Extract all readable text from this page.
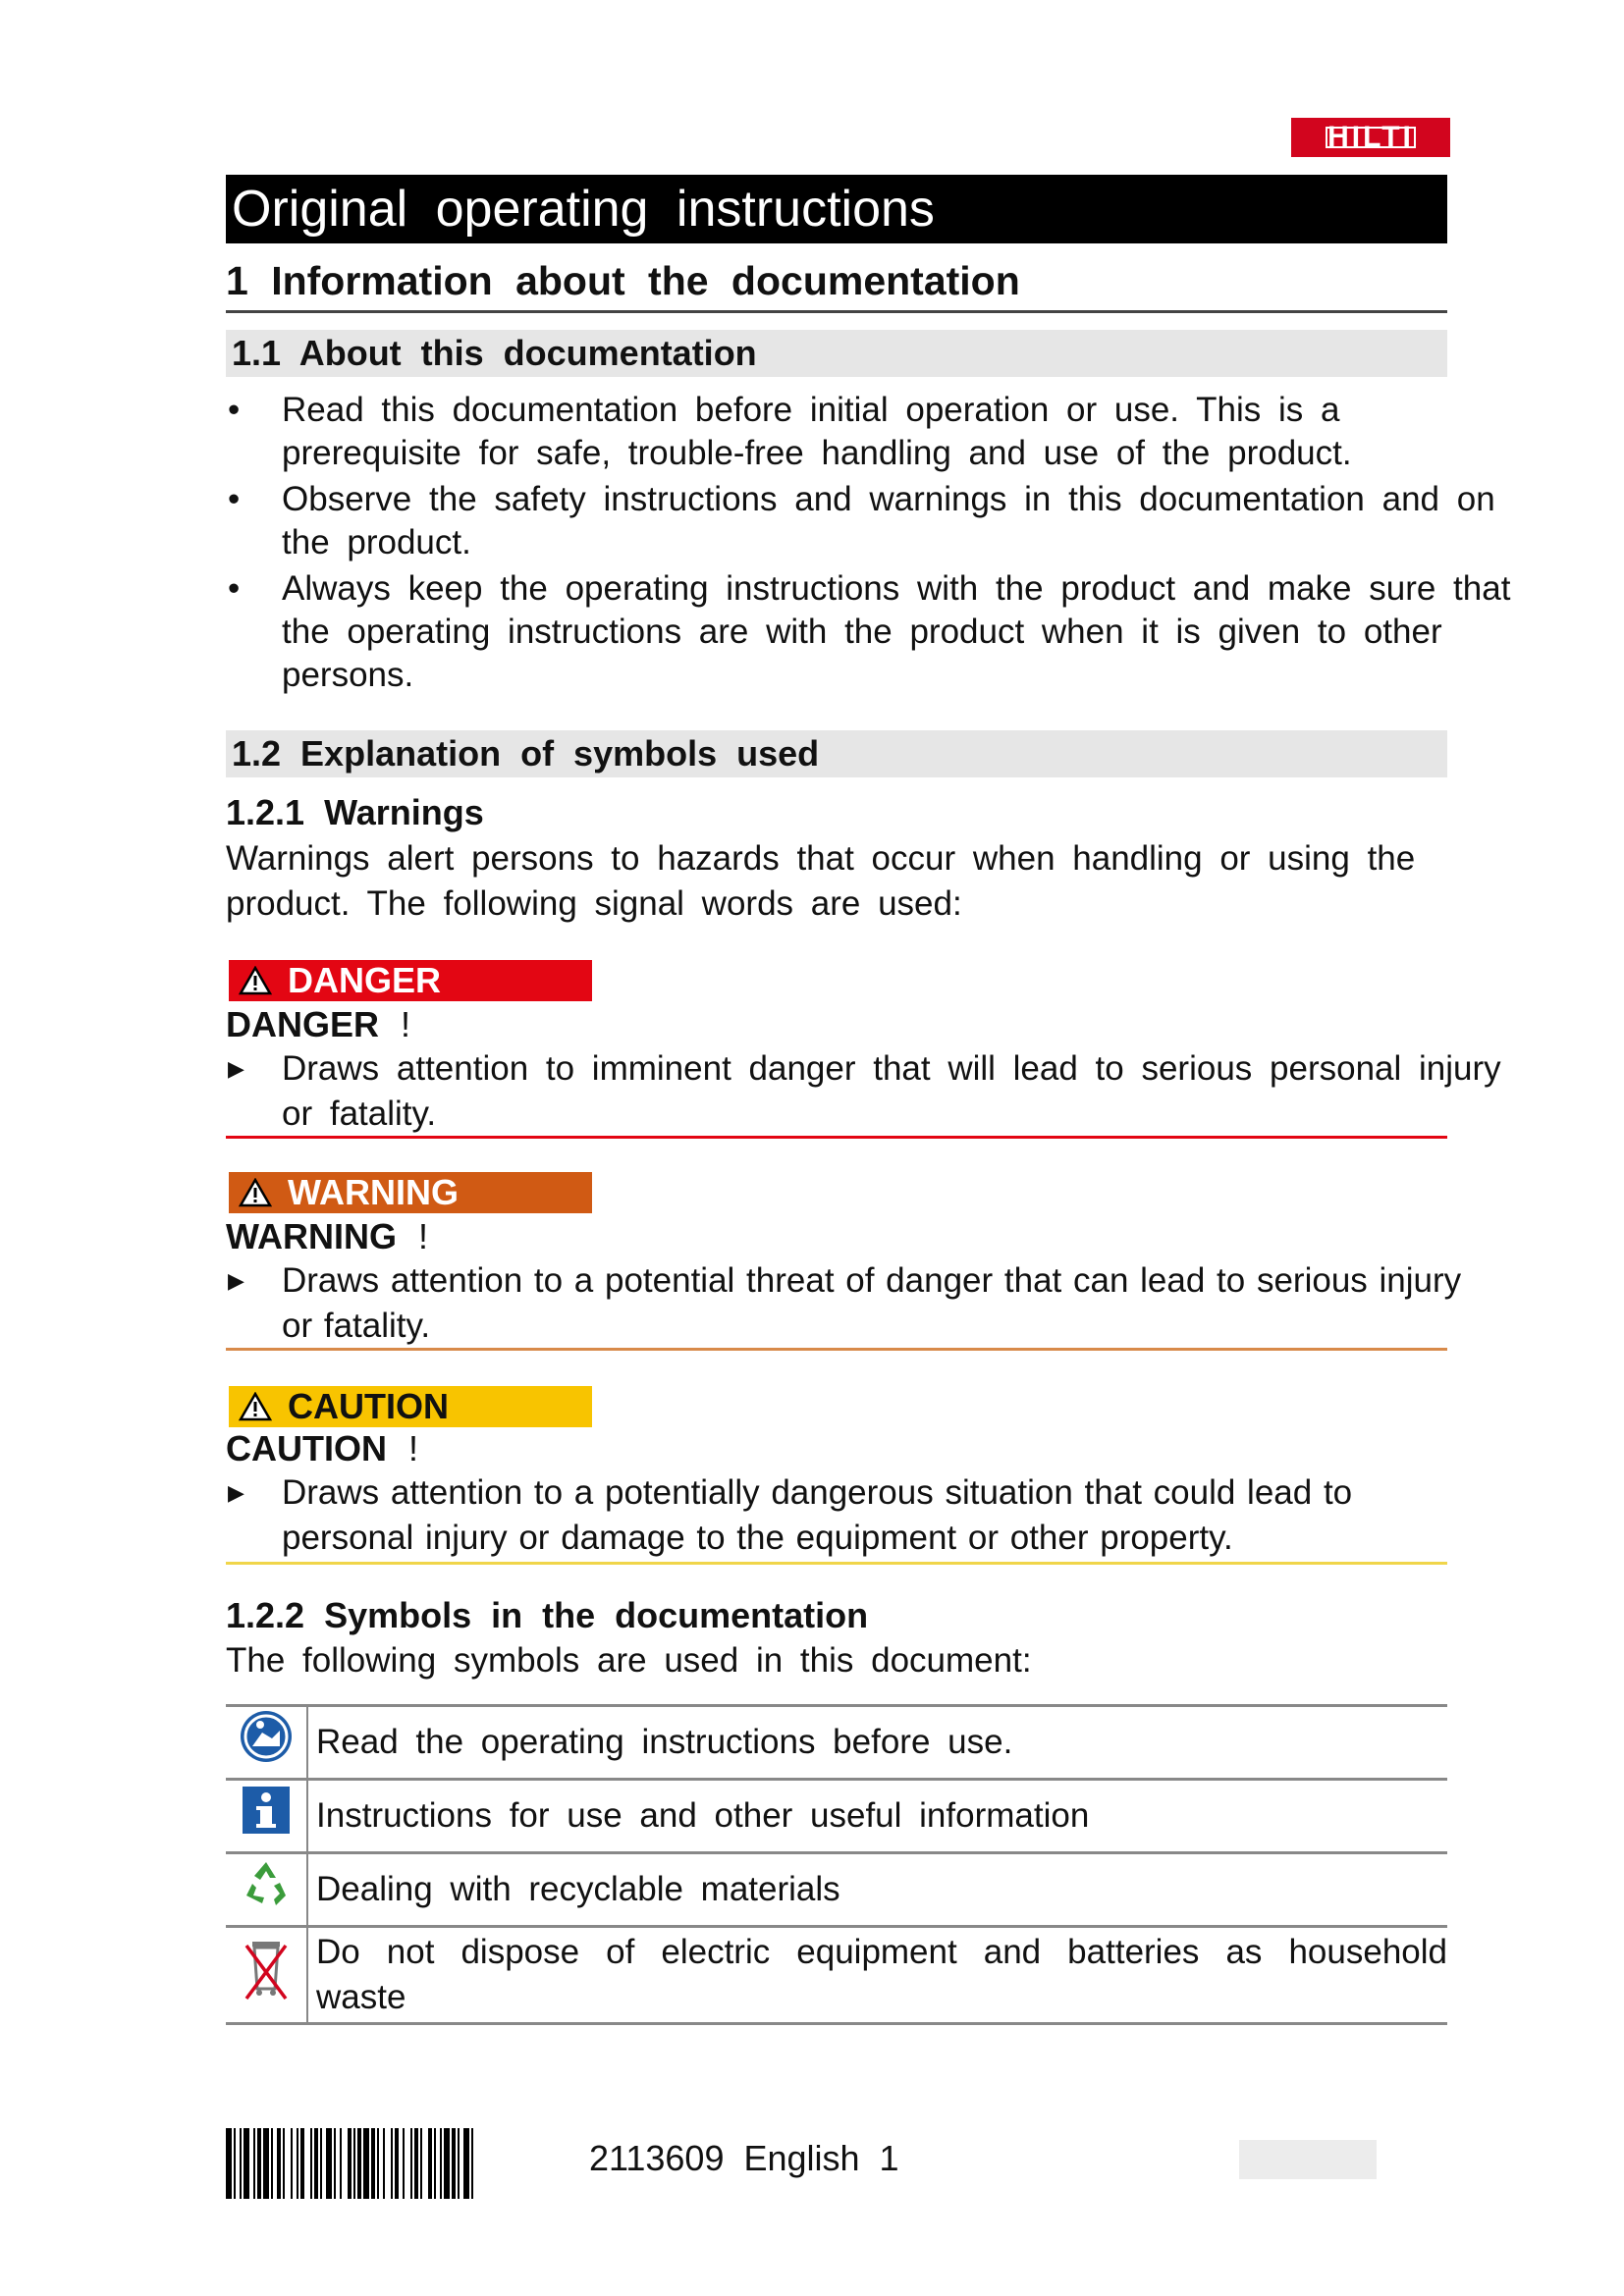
HILTI
Original operating instructions
1 Information about the documentation
1.1 About this documentation
• Read this documentation before initial operation or use. This is a prerequisite for safe, trouble-free handling and use of the product.
• Observe the safety instructions and warnings in this documentation and on the product.
• Always keep the operating instructions with the product and make sure that the operating instructions are with the product when it is given to other persons.
1.2 Explanation of symbols used
1.2.1 Warnings
Warnings alert persons to hazards that occur when handling or using the product. The following signal words are used:
DANGER
DANGER !
▶	Draws attention to imminent danger that will lead to serious personal injury or fatality.
WARNING
WARNING !
▶	Draws attention to a potential threat of danger that can lead to serious injury or fatality.
CAUTION
CAUTION !
▶	Draws attention to a potentially dangerous situation that could lead to personal injury or damage to the equipment or other property.
1.2.2 Symbols in the documentation
The following symbols are used in this document:
	Read the operating instructions before use.
	Instructions for use and other useful information
	Dealing with recyclable materials
	Do not dispose of electric equipment and batteries as household waste
2113609 English 1
